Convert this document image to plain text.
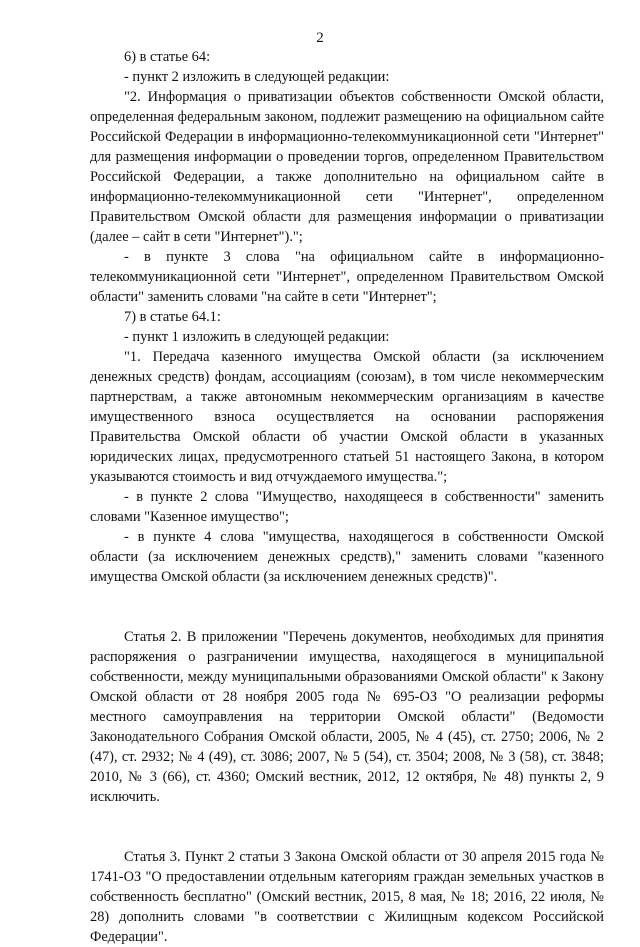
2

6) в статье 64:

- пункт 2 изложить в следующей редакции:

"2. Информация о приватизации объектов собственности Омской области, определенная федеральным законом, подлежит размещению на официальном сайте Российской Федерации в информационно-телекоммуникационной сети "Интернет" для размещения информации о проведении торгов, определенном Правительством Российской Федерации, а также дополнительно на официальном сайте в информационно-телекоммуникационной сети "Интернет", определенном Правительством Омской области для размещения информации о приватизации (далее – сайт в сети "Интернет").";

- в пункте 3 слова "на официальном сайте в информационно-телекоммуникационной сети "Интернет", определенном Правительством Омской области" заменить словами "на сайте в сети "Интернет";

7) в статье 64.1:

- пункт 1 изложить в следующей редакции:

"1. Передача казенного имущества Омской области (за исключением денежных средств) фондам, ассоциациям (союзам), в том числе некоммерческим партнерствам, а также автономным некоммерческим организациям в качестве имущественного взноса осуществляется на основании распоряжения Правительства Омской области об участии Омской области в указанных юридических лицах, предусмотренного статьей 51 настоящего Закона, в котором указываются стоимость и вид отчуждаемого имущества.";

- в пункте 2 слова "Имущество, находящееся в собственности" заменить словами "Казенное имущество";

- в пункте 4 слова "имущества, находящегося в собственности Омской области (за исключением денежных средств)," заменить словами "казенного имущества Омской области (за исключением денежных средств)".

Статья 2. В приложении "Перечень документов, необходимых для принятия распоряжения о разграничении имущества, находящегося в муниципальной собственности, между муниципальными образованиями Омской области" к Закону Омской области от 28 ноября 2005 года № 695-ОЗ "О реализации реформы местного самоуправления на территории Омской области" (Ведомости Законодательного Собрания Омской области, 2005, № 4 (45), ст. 2750; 2006, № 2 (47), ст. 2932; № 4 (49), ст. 3086; 2007, № 5 (54), ст. 3504; 2008, № 3 (58), ст. 3848; 2010, № 3 (66), ст. 4360; Омский вестник, 2012, 12 октября, № 48) пункты 2, 9 исключить.

Статья 3. Пункт 2 статьи 3 Закона Омской области от 30 апреля 2015 года № 1741-ОЗ "О предоставлении отдельным категориям граждан земельных участков в собственность бесплатно" (Омский вестник, 2015, 8 мая, № 18; 2016, 22 июля, № 28) дополнить словами "в соответствии с Жилищным кодексом Российской Федерации".
